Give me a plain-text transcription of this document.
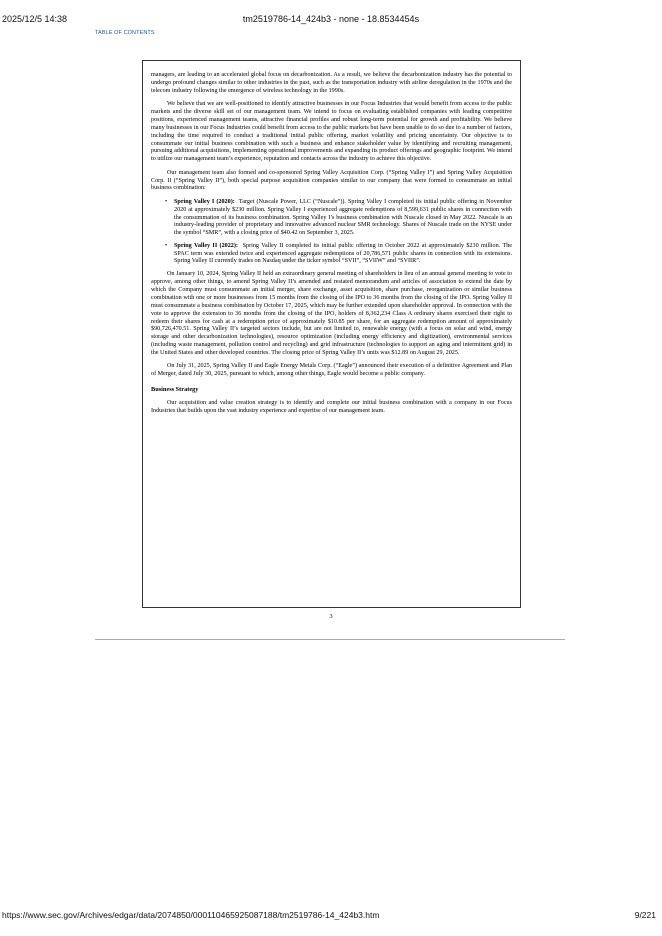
2025/12/5 14:38	tm2519786-14_424b3 - none - 18.8534454s
TABLE OF CONTENTS

managers, are leading to an accelerated global focus on decarbonization. As a result, we believe the decarbonization industry has the potential to undergo profound changes similar to other industries in the past, such as the transportation industry with airline deregulation in the 1970s and the telecom industry following the emergence of wireless technology in the 1990s.

We believe that we are well-positioned to identify attractive businesses in our Focus Industries that would benefit from access to the public markets and the diverse skill set of our management team. We intend to focus on evaluating established companies with leading competitive positions, experienced management teams, attractive financial profiles and robust long-term potential for growth and profitability. We believe many businesses in our Focus Industries could benefit from access to the public markets but have been unable to do so due to a number of factors, including the time required to conduct a traditional initial public offering, market volatility and pricing uncertainty. Our objective is to consummate our initial business combination with such a business and enhance stakeholder value by identifying and recruiting management, pursuing additional acquisitions, implementing operational improvements and expanding its product offerings and geographic footprint. We intend to utilize our management team’s experience, reputation and contacts across the industry to achieve this objective.

Our management team also formed and co-sponsored Spring Valley Acquisition Corp. (“Spring Valley I”) and Spring Valley Acquisition Corp. II (“Spring Valley II”), both special purpose acquisition companies similar to our company that were formed to consummate an initial business combination:

• Spring Valley I (2020): Target (Nuscale Power, LLC (“Nuscale”)). Spring Valley I completed its initial public offering in November 2020 at approximately $230 million. Spring Valley I experienced aggregate redemptions of 8,599,631 public shares in connection with the consummation of its business combination. Spring Valley I’s business combination with Nuscale closed in May 2022. Nuscale is an industry-leading provider of proprietary and innovative advanced nuclear SMR technology. Shares of Nuscale trade on the NYSE under the symbol “SMR”, with a closing price of $40.42 on September 3, 2025.
• Spring Valley II (2022): Spring Valley II completed its initial public offering in October 2022 at approximately $230 million. The SPAC term was extended twice and experienced aggregate redemptions of 20,786,571 public shares in connection with its extensions. Spring Valley II currently trades on Nasdaq under the ticker symbol “SVII”, “SVIIW” and “SVIIR”.

On January 10, 2024, Spring Valley II held an extraordinary general meeting of shareholders in lieu of an annual general meeting to vote to approve, among other things, to amend Spring Valley II’s amended and restated memorandum and articles of association to extend the date by which the Company must consummate an initial merger, share exchange, asset acquisition, share purchase, reorganization or similar business combination with one or more businesses from 15 months from the closing of the IPO to 36 months from the closing of the IPO. Spring Valley II must consummate a business combination by October 17, 2025, which may be further extended upon shareholder approval. In connection with the vote to approve the extension to 36 months from the closing of the IPO, holders of 8,362,234 Class A ordinary shares exercised their right to redeem their shares for cash at a redemption price of approximately $10.85 per share, for an aggregate redemption amount of approximately $90,726,470.51. Spring Valley II’s targeted sectors include, but are not limited to, renewable energy (with a focus on solar and wind, energy storage and other decarbonization technologies), resource optimization (including energy efficiency and digitization), environmental services (including waste management, pollution control and recycling) and grid infrastructure (technologies to support an aging and intermittent grid) in the United States and other developed countries. The closing price of Spring Valley II’s units was $12.89 on August 29, 2025.

On July 31, 2025, Spring Valley II and Eagle Energy Metals Corp. (“Eagle”) announced their execution of a definitive Agreement and Plan of Merger, dated July 30, 2025, pursuant to which, among other things, Eagle would become a public company.

Business Strategy

Our acquisition and value creation strategy is to identify and complete our initial business combination with a company in our Focus Industries that builds upon the vast industry experience and expertise of our management team.

3
https://www.sec.gov/Archives/edgar/data/2074850/000110465925087188/tm2519786-14_424b3.htm	9/221
